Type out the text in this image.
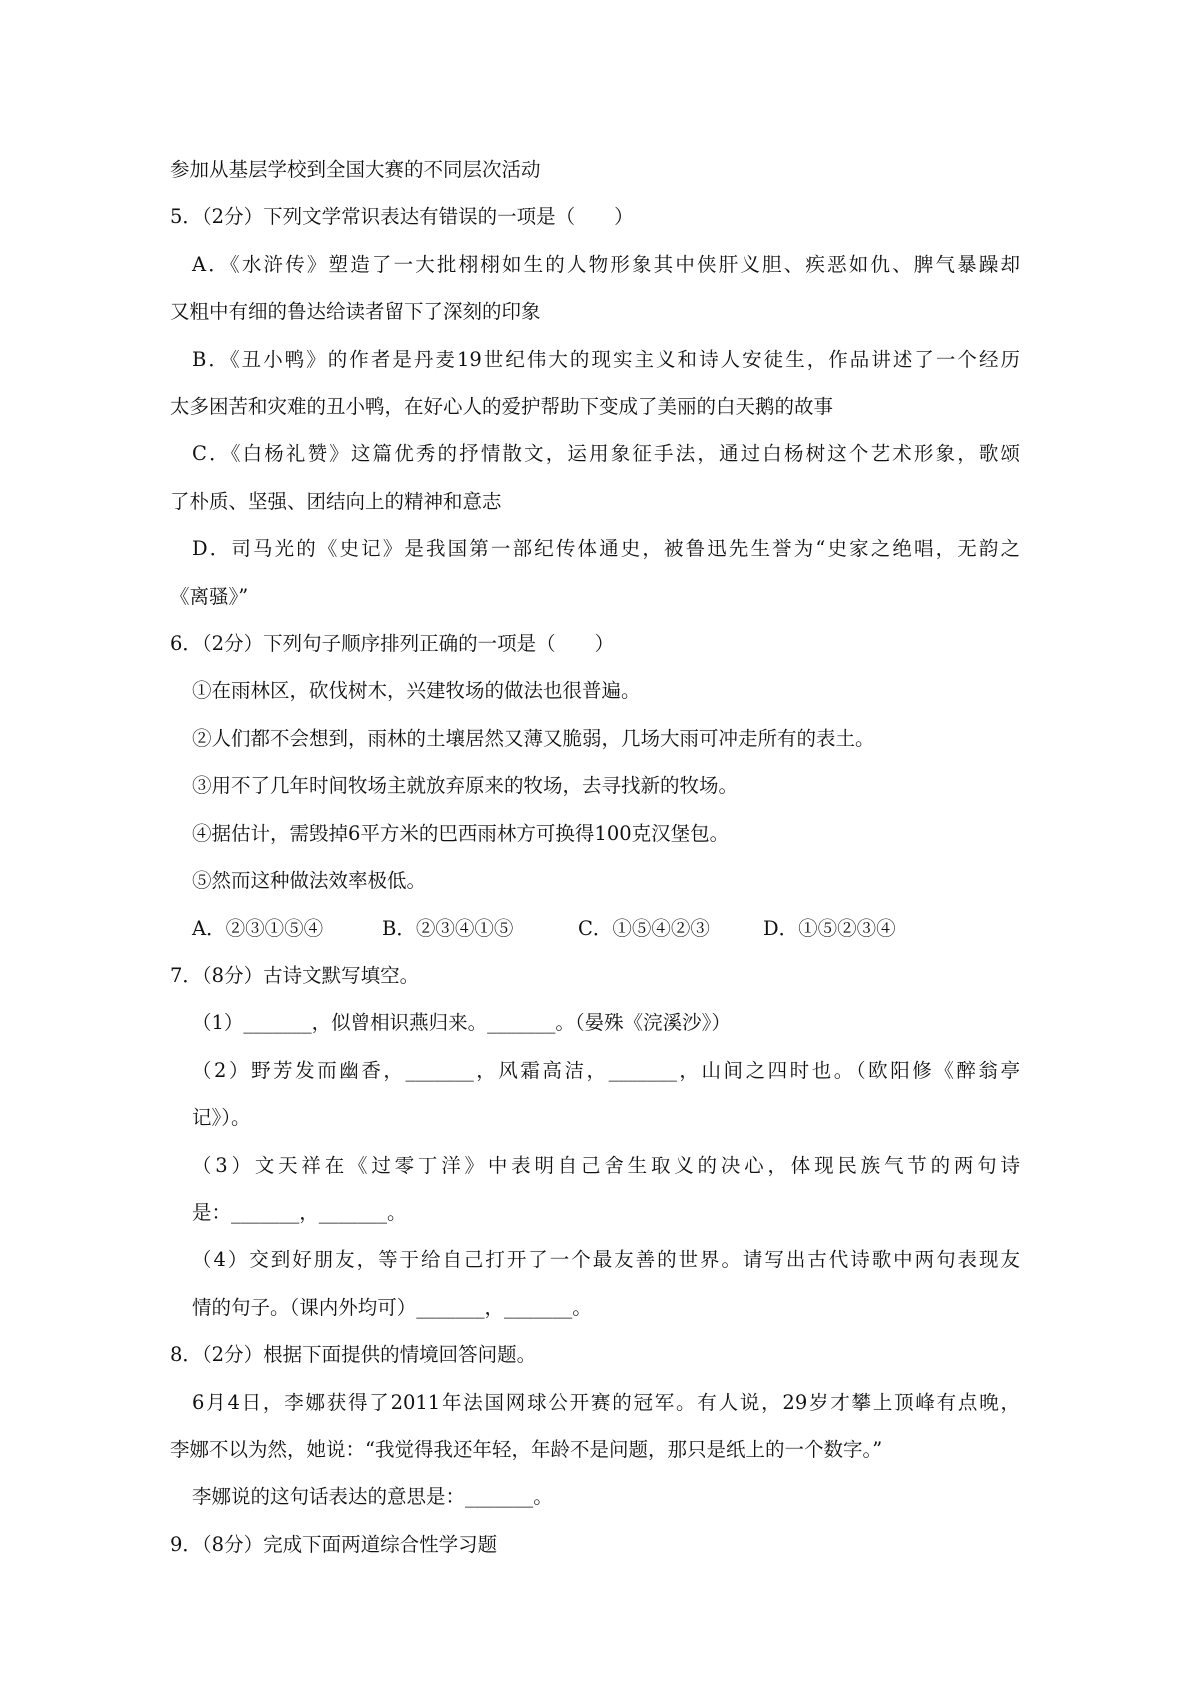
参加从基层学校到全国大赛的不同层次活动
5．（2分）下列文学常识表达有错误的一项是（　　）
A．《水浒传》塑造了一大批栩栩如生的人物形象其中侠肝义胆、疾恶如仇、脾气暴躁却
又粗中有细的鲁达给读者留下了深刻的印象
B．《丑小鸭》的作者是丹麦19世纪伟大的现实主义和诗人安徒生，作品讲述了一个经历
太多困苦和灾难的丑小鸭，在好心人的爱护帮助下变成了美丽的白天鹅的故事
C．《白杨礼赞》这篇优秀的抒情散文，运用象征手法，通过白杨树这个艺术形象，歌颂
了朴质、坚强、团结向上的精神和意志
D．司马光的《史记》是我国第一部纪传体通史，被鲁迅先生誉为“史家之绝唱，无韵之
《离骚》”
6．（2分）下列句子顺序排列正确的一项是（　　）
①在雨林区，砍伐树木，兴建牧场的做法也很普遍。
②人们都不会想到，雨林的土壤居然又薄又脆弱，几场大雨可冲走所有的表土。
③用不了几年时间牧场主就放弃原来的牧场，去寻找新的牧场。
④据估计，需毁掉6平方米的巴西雨林方可换得100克汉堡包。
⑤然而这种做法效率极低。
A．②③①⑤④	B．②③④①⑤	C．①⑤④②③	D．①⑤②③④
7．（8分）古诗文默写填空。
（1）_______，似曾相识燕归来。_______。（晏殊《浣溪沙》）
（2）野芳发而幽香，_______，风霜高洁，_______，山间之四时也。（欧阳修《醉翁亭
记》）。
（3）文天祥在《过零丁洋》中表明自己舍生取义的决心，体现民族气节的两句诗
是：_______，_______。
（4）交到好朋友，等于给自己打开了一个最友善的世界。请写出古代诗歌中两句表现友
情的句子。（课内外均可）_______，_______。
8．（2分）根据下面提供的情境回答问题。
6月4日，李娜获得了2011年法国网球公开赛的冠军。有人说，29岁才攀上顶峰有点晚，
李娜不以为然，她说：“我觉得我还年轻，年龄不是问题，那只是纸上的一个数字。”
李娜说的这句话表达的意思是：_______。
9．（8分）完成下面两道综合性学习题
